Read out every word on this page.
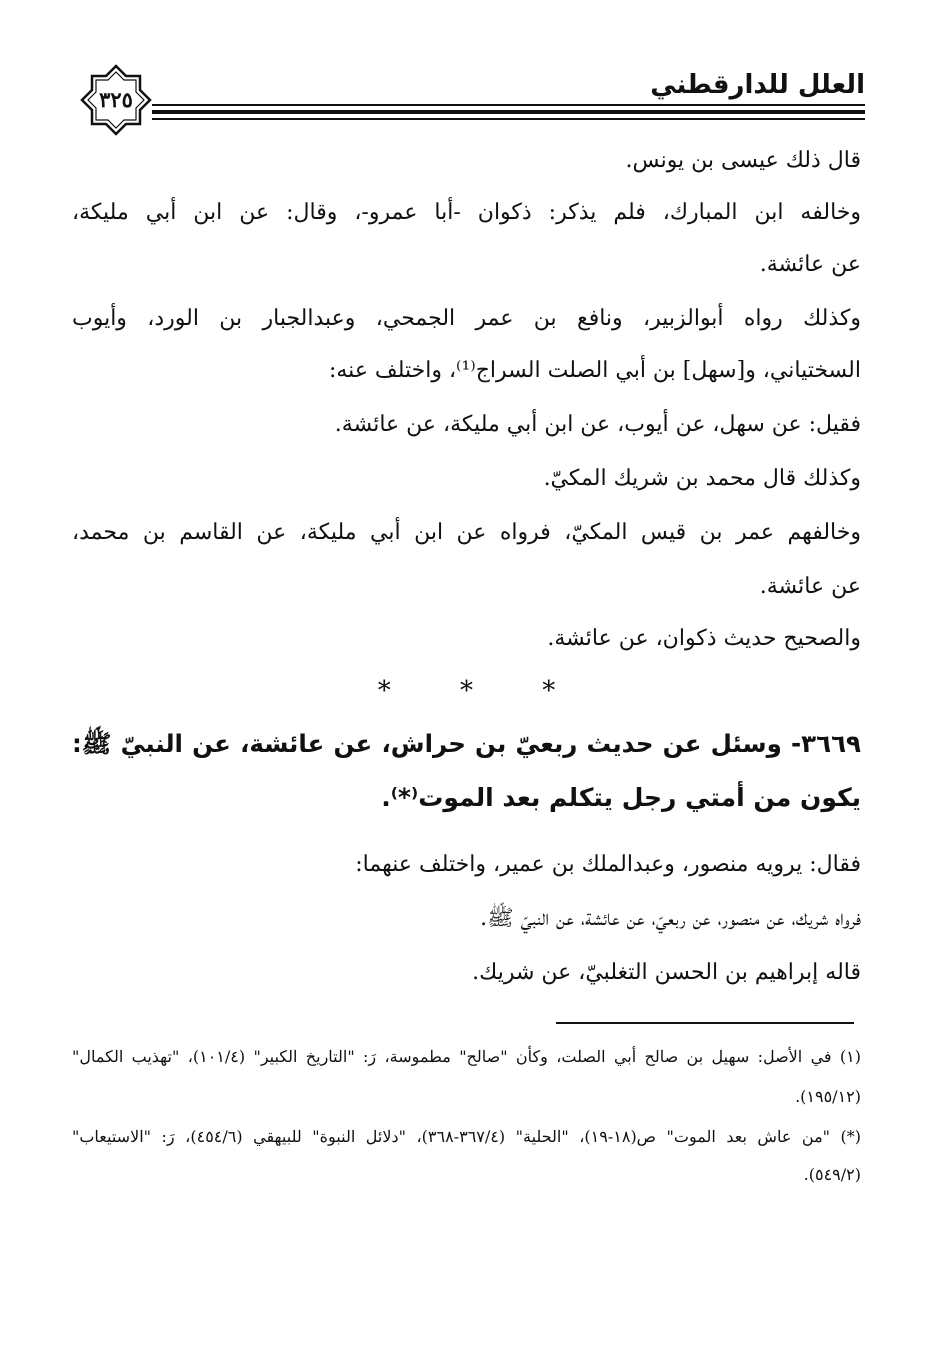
العلل للدارقطني
٣٢٥
قال ذلك عيسى بن يونس.
وخالفه ابن المبارك، فلم يذكر: ذكوان -أبا عمرو-، وقال: عن ابن أبي مليكة،
عن عائشة.
وكذلك رواه أبوالزبير، ونافع بن عمر الجمحي، وعبدالجبار بن الورد، وأيوب
السختياني، و[سهل] بن أبي الصلت السراج⁽¹⁾، واختلف عنه:
فقيل: عن سهل، عن أيوب، عن ابن أبي مليكة، عن عائشة.
وكذلك قال محمد بن شريك المكيّ.
وخالفهم عمر بن قيس المكيّ، فرواه عن ابن أبي مليكة، عن القاسم بن محمد،
عن عائشة.
والصحيح حديث ذكوان، عن عائشة.
*	*	*
٣٦٦٩- وسئل عن حديث ربعيّ بن حراش، عن عائشة، عن النبيّ ﷺ:
يكون من أمتي رجل يتكلم بعد الموت⁽*⁾.
فقال: يرويه منصور، وعبدالملك بن عمير، واختلف عنهما:
فرواه شريك، عن منصور، عن ربعيّ، عن عائشة، عن النبيّ ﷺ.
قاله إبراهيم بن الحسن التغلبيّ، عن شريك.
(١) في الأصل: سهيل بن صالح أبي الصلت، وكأن "صالح" مطموسة، رَ: "التاريخ الكبير" (١٠١/٤)، "تهذيب الكمال"
(١٩٥/١٢).
(*) "من عاش بعد الموت" ص(١٨-١٩)، "الحلية" (٣٦٧/٤-٣٦٨)، "دلائل النبوة" للبيهقي (٤٥٤/٦)، رَ: "الاستيعاب"
(٥٤٩/٢).
